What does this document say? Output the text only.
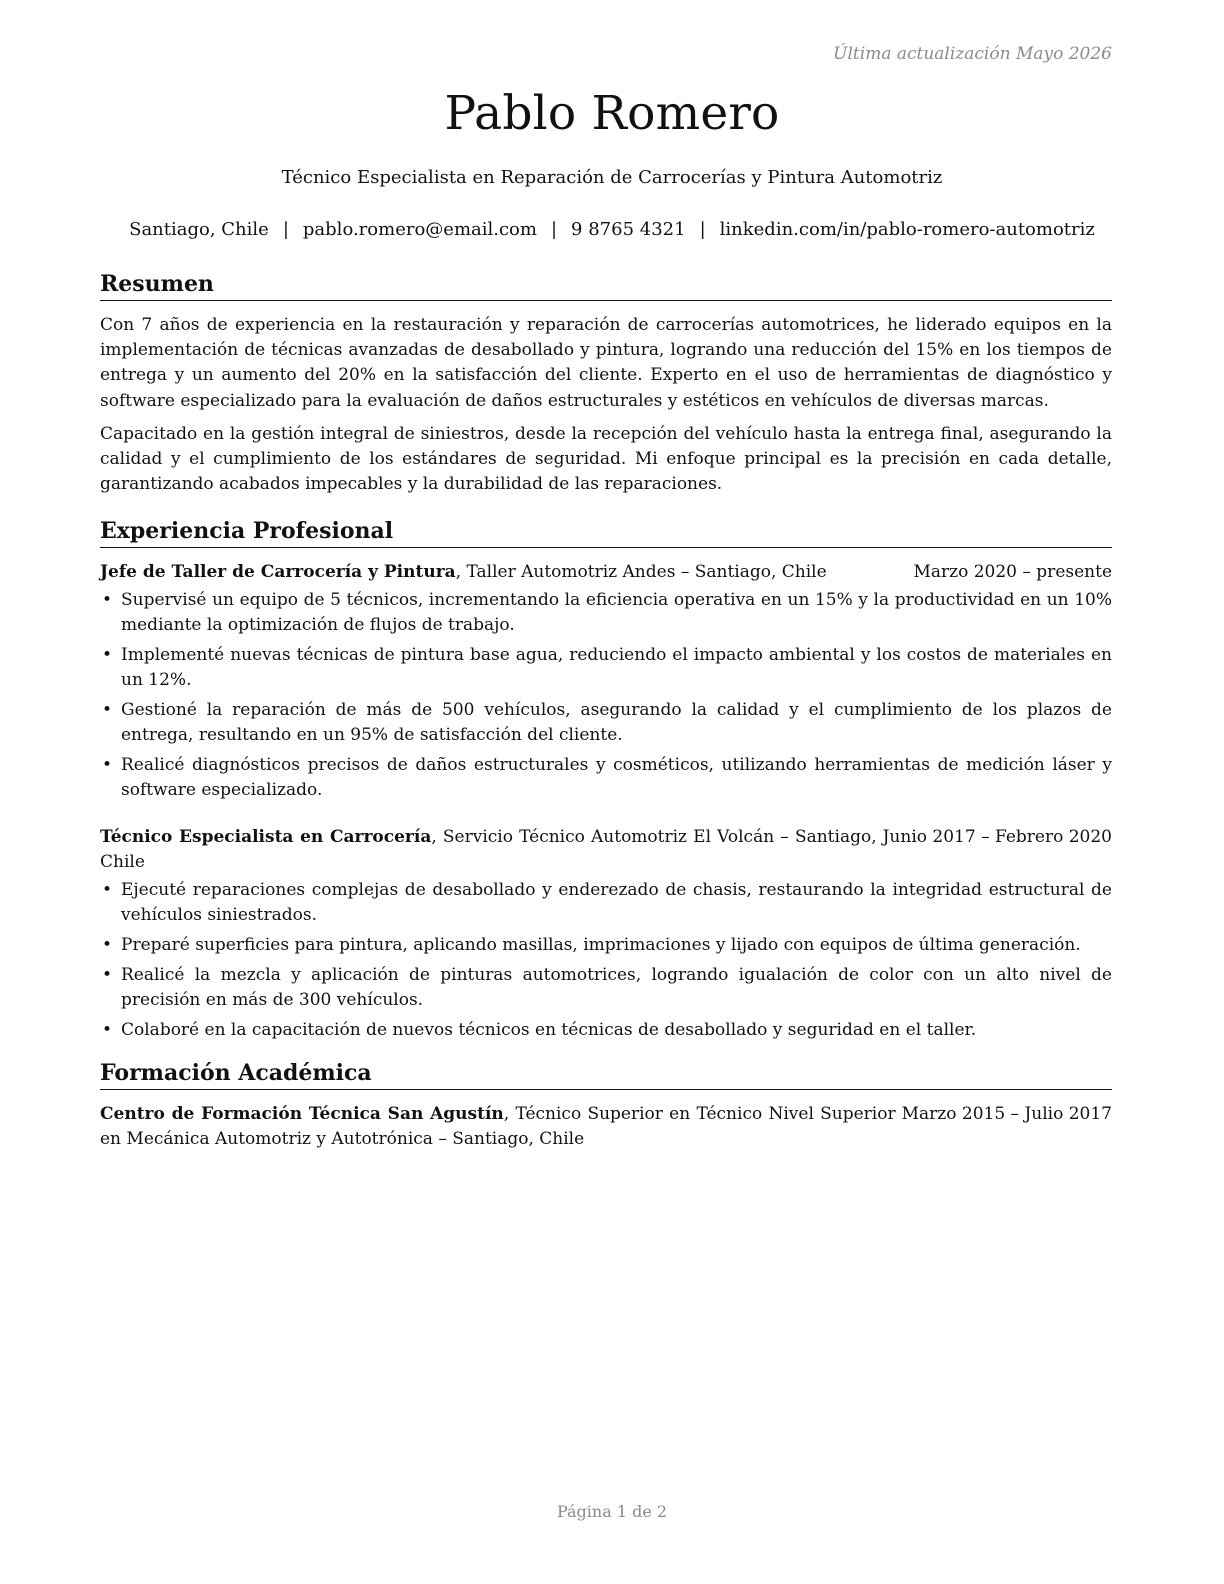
Última actualización Mayo 2026
Pablo Romero
Técnico Especialista en Reparación de Carrocerías y Pintura Automotriz
Santiago, Chile | pablo.romero@email.com | 9 8765 4321 | linkedin.com/in/pablo-romero-automotriz
Resumen

Con 7 años de experiencia en la restauración y reparación de carrocerías automotrices, he liderado equipos en la implementación de técnicas avanzadas de desabollado y pintura, logrando una reducción del 15% en los tiempos de entrega y un aumento del 20% en la satisfacción del cliente. Experto en el uso de herramientas de diagnóstico y software especializado para la evaluación de daños estructurales y estéticos en vehículos de diversas marcas.

Capacitado en la gestión integral de siniestros, desde la recepción del vehículo hasta la entrega final, asegurando la calidad y el cumplimiento de los estándares de seguridad. Mi enfoque principal es la precisión en cada detalle, garantizando acabados impecables y la durabilidad de las reparaciones.

Experiencia Profesional
Jefe de Taller de Carrocería y Pintura, Taller Automotriz Andes – Santiago, Chile	Marzo 2020 – presente
• Supervisé un equipo de 5 técnicos, incrementando la eficiencia operativa en un 15% y la productividad en un 10% mediante la optimización de flujos de trabajo.
• Implementé nuevas técnicas de pintura base agua, reduciendo el impacto ambiental y los costos de materiales en un 12%.
• Gestioné la reparación de más de 500 vehículos, asegurando la calidad y el cumplimiento de los plazos de entrega, resultando en un 95% de satisfacción del cliente.
• Realicé diagnósticos precisos de daños estructurales y cosméticos, utilizando herramientas de medición láser y software especializado.
Técnico Especialista en Carrocería, Servicio Técnico Automotriz El Volcán – Santiago, Chile
Junio 2017 – Febrero 2020
• Ejecuté reparaciones complejas de desabollado y enderezado de chasis, restaurando la integridad estructural de vehículos siniestrados.
• Preparé superficies para pintura, aplicando masillas, imprimaciones y lijado con equipos de última generación.
• Realicé la mezcla y aplicación de pinturas automotrices, logrando igualación de color con un alto nivel de precisión en más de 300 vehículos.
• Colaboré en la capacitación de nuevos técnicos en técnicas de desabollado y seguridad en el taller.
Formación Académica
Centro de Formación Técnica San Agustín, Técnico Superior en Técnico Nivel Superior en Mecánica Automotriz y Autotrónica – Santiago, Chile
Marzo 2015 – Julio 2017
Página 1 de 2
